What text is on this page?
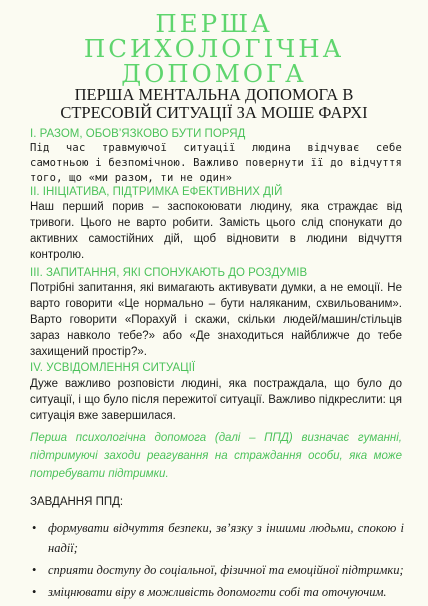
ПЕРША
ПСИХОЛОГІЧНА
ДОПОМОГА
ПЕРША МЕНТАЛЬНА ДОПОМОГА В
СТРЕСОВІЙ СИТУАЦІЇ ЗА МОШЕ ФАРХІ
I. РАЗОМ, ОБОВ’ЯЗКОВО БУТИ ПОРЯД
Під час травмуючої ситуації людина відчуває себе самотньою і безпомічною. Важливо повернути її до відчуття того, що «ми разом, ти не один»
II. ІНІЦІАТИВА, ПІДТРИМКА ЕФЕКТИВНИХ ДІЙ
Наш перший порив – заспокоювати людину, яка страждає від тривоги. Цього не варто робити. Замість цього слід спонукати до активних самостійних дій, щоб відновити в людини відчуття контролю.
III. ЗАПИТАННЯ, ЯКІ СПОНУКАЮТЬ ДО РОЗДУМІВ
Потрібні запитання, які вимагають активувати думки, а не емоції. Не варто говорити «Це нормально – бути наляканим, схвильованим». Варто говорити «Порахуй і скажи, скільки людей/машин/стільців зараз навколо тебе?» або «Де знаходиться найближче до тебе захищений простір?».
IV. УСВІДОМЛЕННЯ СИТУАЦІЇ
Дуже важливо розповісти людині, яка постраждала, що було до ситуації, і що було після пережитої ситуації. Важливо підкреслити: ця ситуація вже завершилася.
Перша психологічна допомога (далі – ППД) визначає гуманні, підтримуючі заходи реагування на страждання особи, яка може потребувати підтримки.
ЗАВДАННЯ ППД:
• формувати відчуття безпеки, зв’язку з іншими людьми, спокою і надії;
• сприяти доступу до соціальної, фізичної та емоційної підтримки;
• зміцнювати віру в можливість допомогти собі та оточуючим.
